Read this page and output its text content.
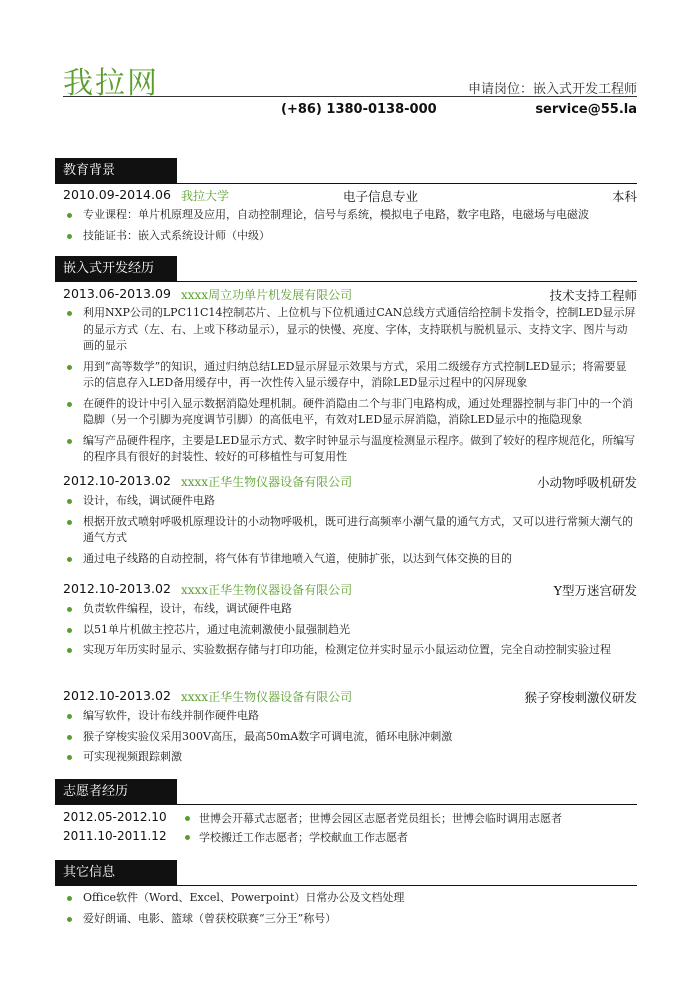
我拉网	申请岗位：嵌入式开发工程师
(+86) 1380-0138-000	service@55.la
教育背景
2010.09-2014.06 我拉大学	电子信息专业	本科
专业课程：单片机原理及应用，自动控制理论，信号与系统，模拟电子电路，数字电路，电磁场与电磁波
技能证书：嵌入式系统设计师（中级）
嵌入式开发经历
2013.06-2013.09 xxxx周立功单片机发展有限公司	技术支持工程师
利用NXP公司的LPC11C14控制芯片、上位机与下位机通过CAN总线方式通信给控制卡发指令，控制LED显示屏的显示方式（左、右、上或下移动显示），显示的快慢、亮度、字体，支持联机与脱机显示、支持文字、图片与动画的显示
用到“高等数学”的知识，通过归纳总结LED显示屏显示效果与方式，采用二级缓存方式控制LED显示；将需要显示的信息存入LED备用缓存中，再一次性传入显示缓存中，消除LED显示过程中的闪屏现象
在硬件的设计中引入显示数据消隐处理机制。硬件消隐由二个与非门电路构成，通过处理器控制与非门中的一个消隐脚（另一个引脚为亮度调节引脚）的高低电平，有效对LED显示屏消隐，消除LED显示中的拖隐现象
编写产品硬件程序，主要是LED显示方式、数字时钟显示与温度检测显示程序。做到了较好的程序规范化，所编写的程序具有很好的封装性、较好的可移植性与可复用性
2012.10-2013.02 xxxx正华生物仪器设备有限公司	小动物呼吸机研发
设计，布线，调试硬件电路
根据开放式喷射呼吸机原理设计的小动物呼吸机，既可进行高频率小潮气量的通气方式，又可以进行常频大潮气的通气方式
通过电子线路的自动控制，将气体有节律地喷入气道，使肺扩张，以达到气体交换的目的
2012.10-2013.02 xxxx正华生物仪器设备有限公司	Y型万迷宫研发
负责软件编程，设计，布线，调试硬件电路
以51单片机做主控芯片，通过电流刺激使小鼠强制趋光
实现万年历实时显示、实验数据存储与打印功能，检测定位并实时显示小鼠运动位置，完全自动控制实验过程
2012.10-2013.02 xxxx正华生物仪器设备有限公司	猴子穿梭刺激仪研发
编写软件，设计布线并制作硬件电路
猴子穿梭实验仪采用300V高压，最高50mA数字可调电流，循环电脉冲刺激
可实现视频跟踪刺激
志愿者经历
2012.05-2012.10	世博会开幕式志愿者；世博会园区志愿者党员组长；世博会临时调用志愿者
2011.10-2011.12	学校搬迁工作志愿者；学校献血工作志愿者
其它信息
Office软件（Word、Excel、Powerpoint）日常办公及文档处理
爱好朗诵、电影、篮球（曾获校联赛“三分王”称号）
